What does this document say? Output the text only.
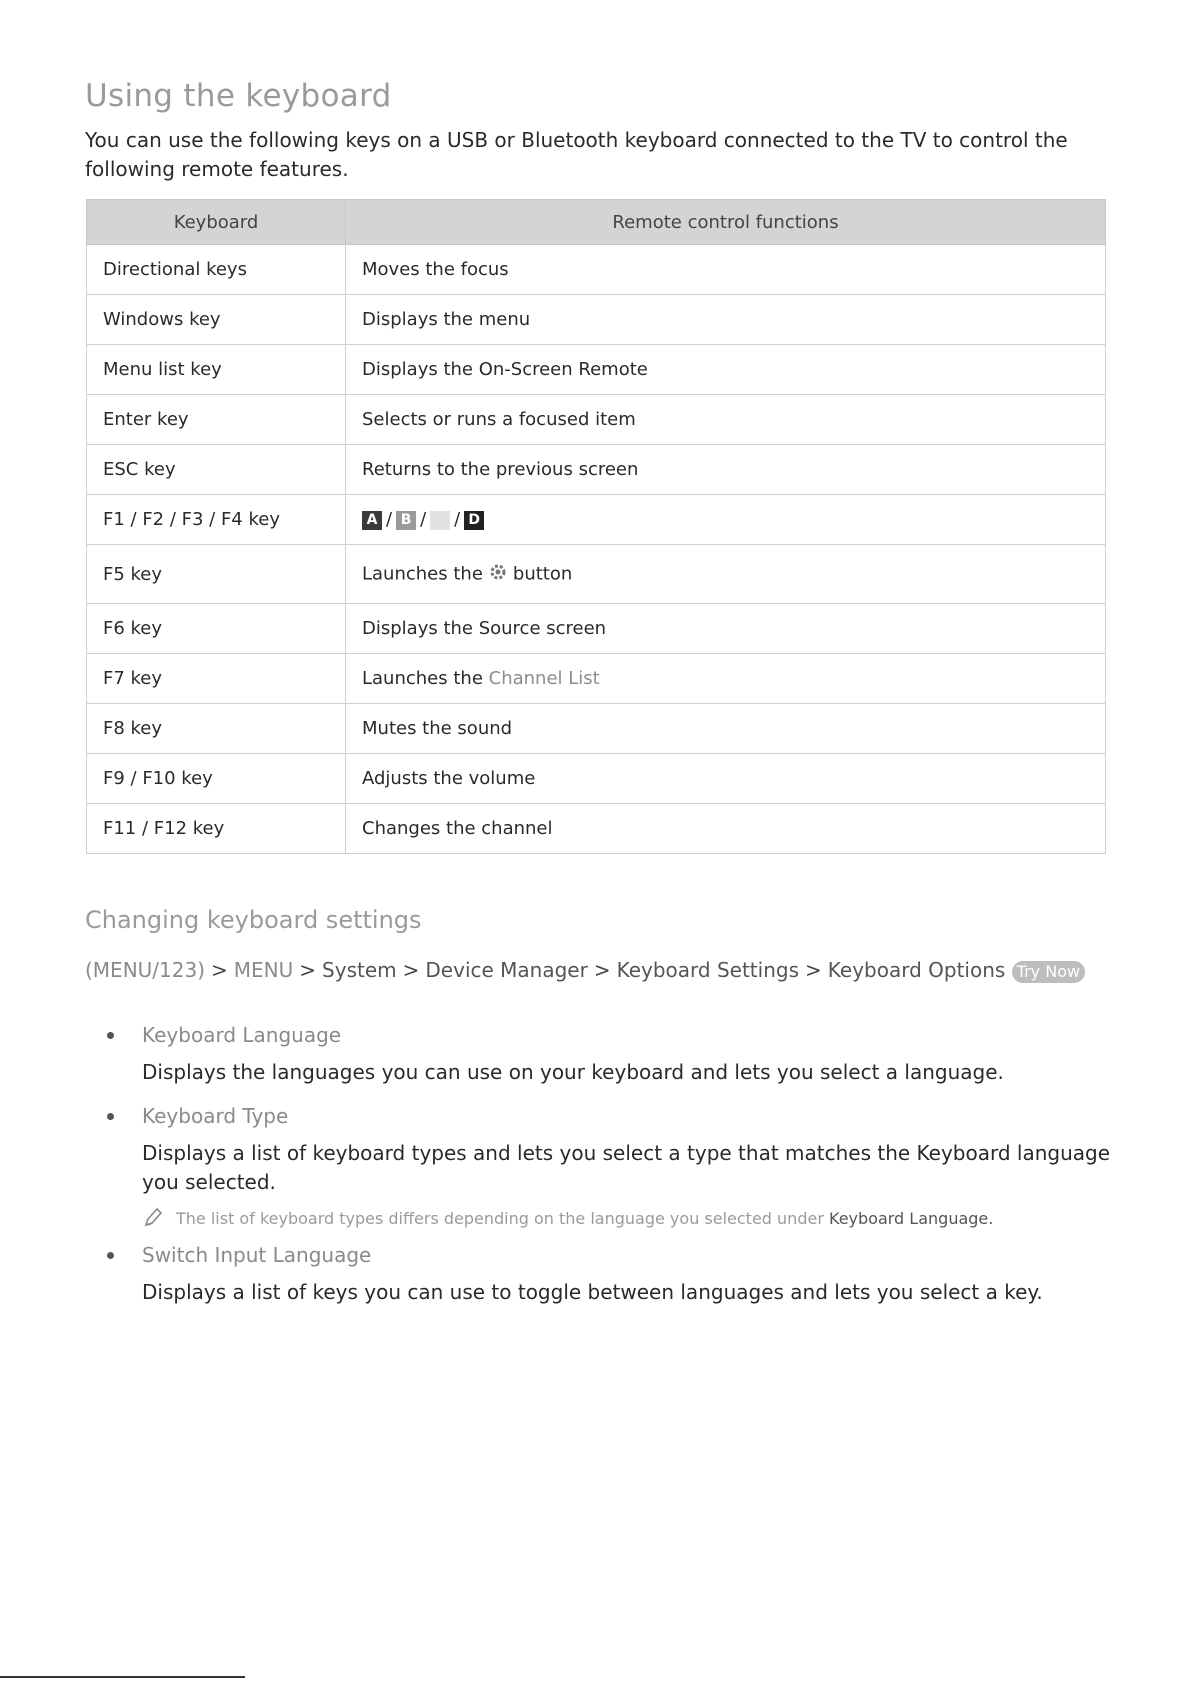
Using the keyboard

You can use the following keys on a USB or Bluetooth keyboard connected to the TV to control the following remote features.

Keyboard	Remote control functions
Directional keys	Moves the focus
Windows key	Displays the menu
Menu list key	Displays the On-Screen Remote
Enter key	Selects or runs a focused item
ESC key	Returns to the previous screen
F1 / F2 / F3 / F4 key	A / B / C / D
F5 key	Launches the button
F6 key	Displays the Source screen
F7 key	Launches the Channel List
F8 key	Mutes the sound
F9 / F10 key	Adjusts the volume
F11 / F12 key	Changes the channel
Changing keyboard settings
(MENU/123) > MENU > System > Device Manager > Keyboard Settings > Keyboard Options Try Now
Keyboard Language
Displays the languages you can use on your keyboard and lets you select a language.
Keyboard Type
Displays a list of keyboard types and lets you select a type that matches the Keyboard language you selected.
The list of keyboard types differs depending on the language you selected under Keyboard Language.
Switch Input Language
Displays a list of keys you can use to toggle between languages and lets you select a key.
